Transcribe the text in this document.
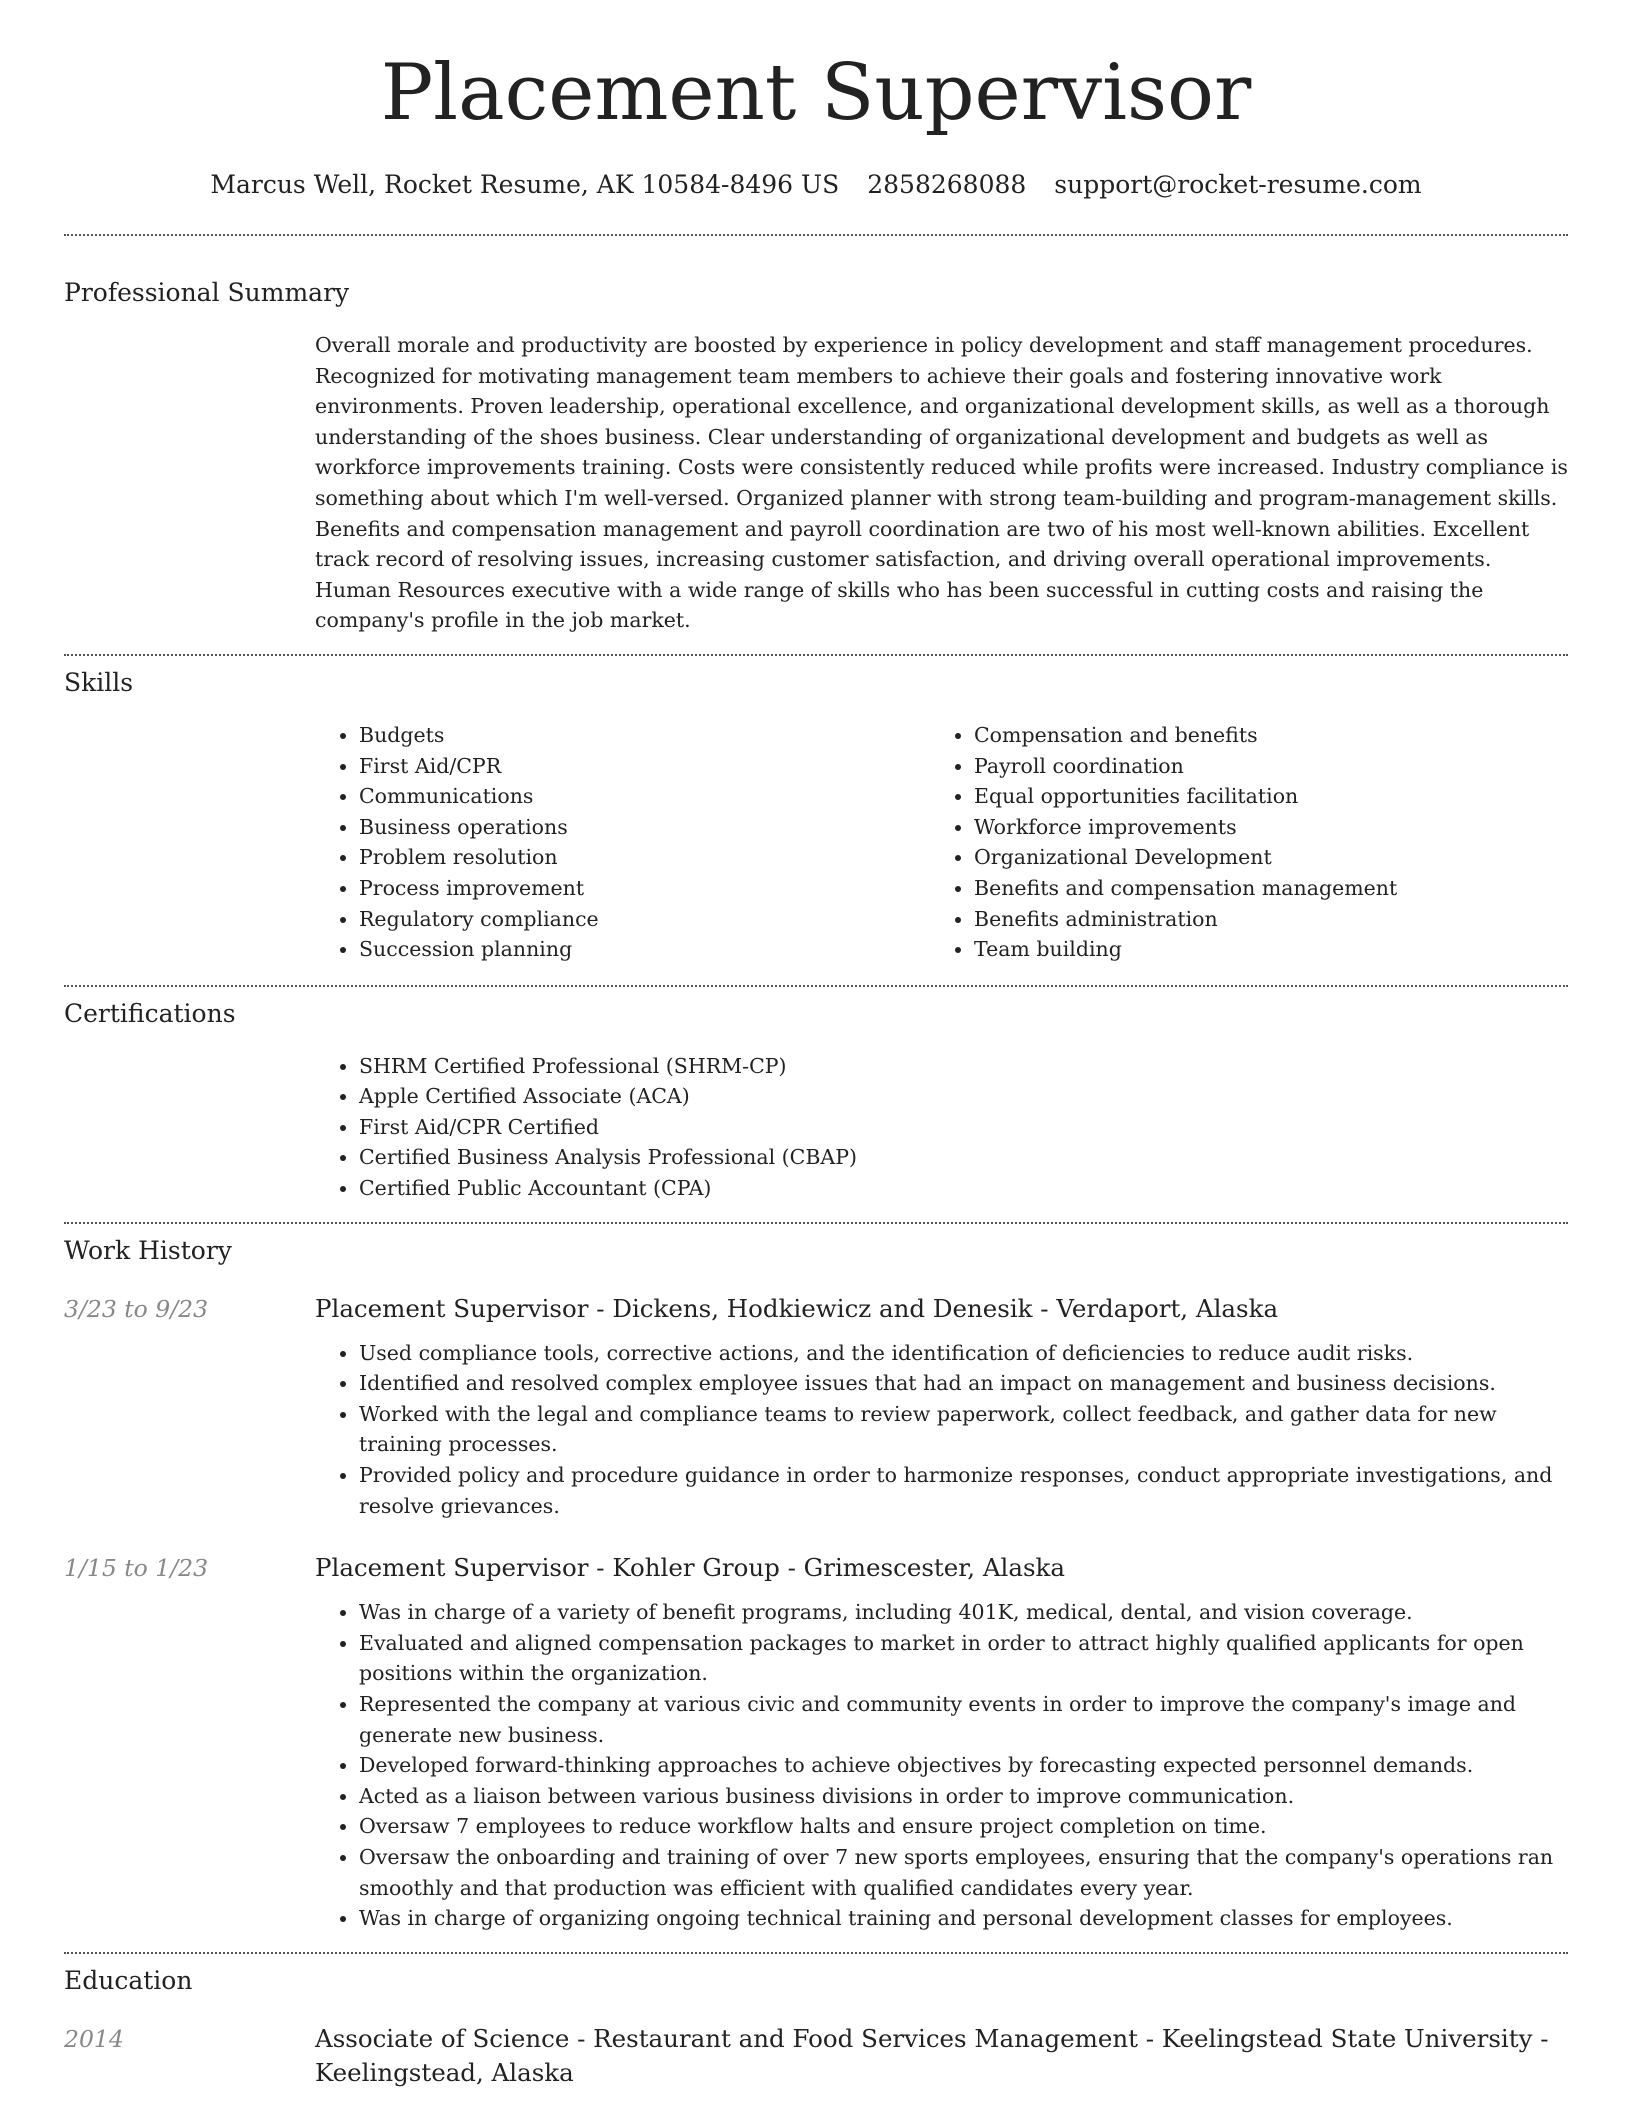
Placement Supervisor
Marcus Well, Rocket Resume, AK 10584-8496 US 2858268088 support@rocket-resume.com
Professional Summary

Overall morale and productivity are boosted by experience in policy development and staff management procedures. Recognized for motivating management team members to achieve their goals and fostering innovative work environments. Proven leadership, operational excellence, and organizational development skills, as well as a thorough understanding of the shoes business. Clear understanding of organizational development and budgets as well as workforce improvements training. Costs were consistently reduced while profits were increased. Industry compliance is something about which I'm well-versed. Organized planner with strong team-building and program-management skills. Benefits and compensation management and payroll coordination are two of his most well-known abilities. Excellent track record of resolving issues, increasing customer satisfaction, and driving overall operational improvements. Human Resources executive with a wide range of skills who has been successful in cutting costs and raising the company's profile in the job market.

Skills
• Budgets
• First Aid/CPR
• Communications
• Business operations
• Problem resolution
• Process improvement
• Regulatory compliance
• Succession planning
• Compensation and benefits
• Payroll coordination
• Equal opportunities facilitation
• Workforce improvements
• Organizational Development
• Benefits and compensation management
• Benefits administration
• Team building
Certifications
• SHRM Certified Professional (SHRM-CP)
• Apple Certified Associate (ACA)
• First Aid/CPR Certified
• Certified Business Analysis Professional (CBAP)
• Certified Public Accountant (CPA)
Work History
3/23 to 9/23	Placement Supervisor - Dickens, Hodkiewicz and Denesik - Verdaport, Alaska
• Used compliance tools, corrective actions, and the identification of deficiencies to reduce audit risks.
• Identified and resolved complex employee issues that had an impact on management and business decisions.
• Worked with the legal and compliance teams to review paperwork, collect feedback, and gather data for new training processes.
• Provided policy and procedure guidance in order to harmonize responses, conduct appropriate investigations, and resolve grievances.
1/15 to 1/23	Placement Supervisor - Kohler Group - Grimescester, Alaska
• Was in charge of a variety of benefit programs, including 401K, medical, dental, and vision coverage.
• Evaluated and aligned compensation packages to market in order to attract highly qualified applicants for open positions within the organization.
• Represented the company at various civic and community events in order to improve the company's image and generate new business.
• Developed forward-thinking approaches to achieve objectives by forecasting expected personnel demands.
• Acted as a liaison between various business divisions in order to improve communication.
• Oversaw 7 employees to reduce workflow halts and ensure project completion on time.
• Oversaw the onboarding and training of over 7 new sports employees, ensuring that the company's operations ran smoothly and that production was efficient with qualified candidates every year.
• Was in charge of organizing ongoing technical training and personal development classes for employees.
Education
2014	Associate of Science - Restaurant and Food Services Management - Keelingstead State University - Keelingstead, Alaska
